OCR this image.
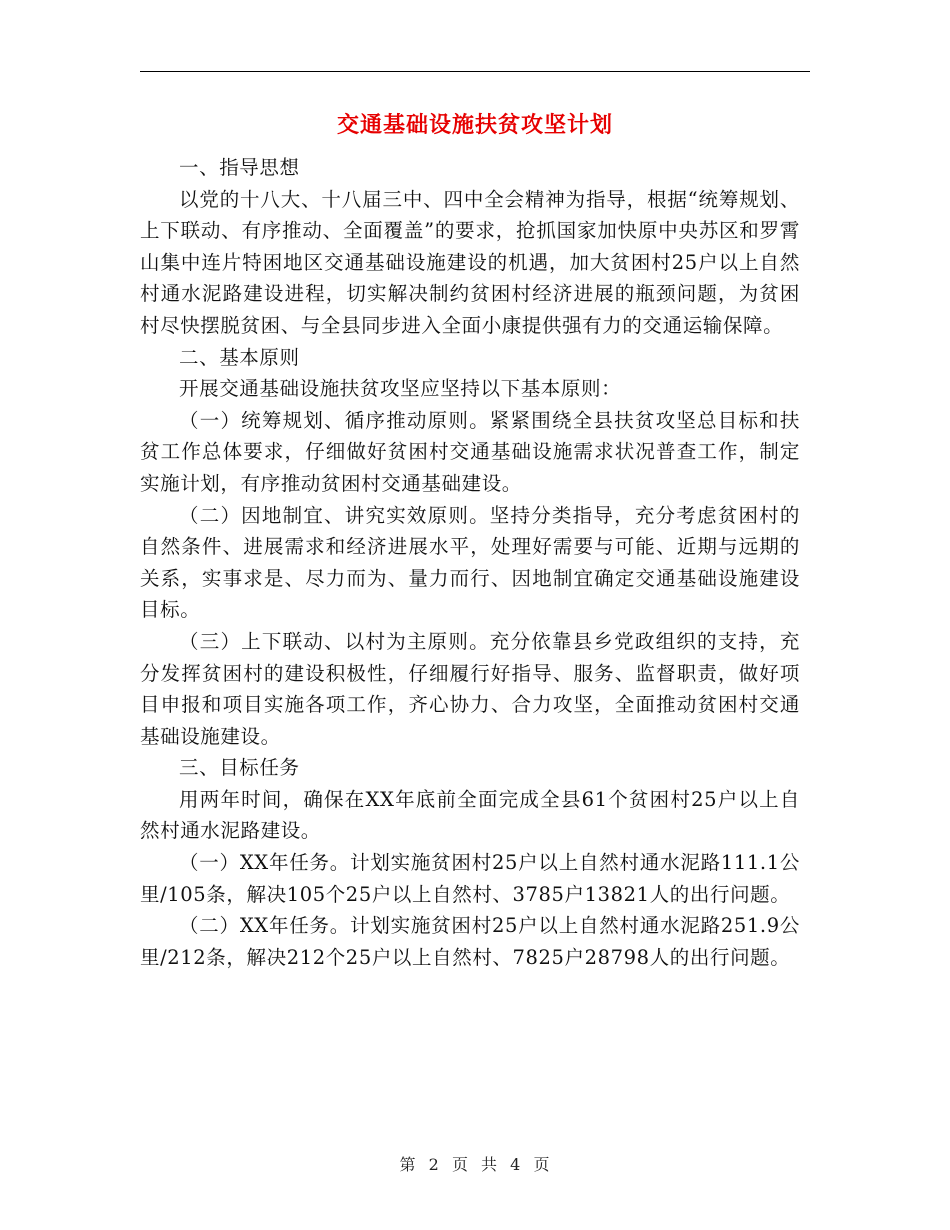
交通基础设施扶贫攻坚计划

一、指导思想

以党的十八大、十八届三中、四中全会精神为指导，根据“统筹规划、上下联动、有序推动、全面覆盖”的要求，抢抓国家加快原中央苏区和罗霄山集中连片特困地区交通基础设施建设的机遇，加大贫困村25户以上自然村通水泥路建设进程，切实解决制约贫困村经济进展的瓶颈问题，为贫困村尽快摆脱贫困、与全县同步进入全面小康提供强有力的交通运输保障。

二、基本原则

开展交通基础设施扶贫攻坚应坚持以下基本原则：

（一）统筹规划、循序推动原则。紧紧围绕全县扶贫攻坚总目标和扶贫工作总体要求，仔细做好贫困村交通基础设施需求状况普查工作，制定实施计划，有序推动贫困村交通基础建设。

（二）因地制宜、讲究实效原则。坚持分类指导，充分考虑贫困村的自然条件、进展需求和经济进展水平，处理好需要与可能、近期与远期的关系，实事求是、尽力而为、量力而行、因地制宜确定交通基础设施建设目标。

（三）上下联动、以村为主原则。充分依靠县乡党政组织的支持，充分发挥贫困村的建设积极性，仔细履行好指导、服务、监督职责，做好项目申报和项目实施各项工作，齐心协力、合力攻坚，全面推动贫困村交通基础设施建设。

三、目标任务

用两年时间，确保在XX年底前全面完成全县61个贫困村25户以上自然村通水泥路建设。

（一）XX年任务。计划实施贫困村25户以上自然村通水泥路111.1公里/105条，解决105个25户以上自然村、3785户13821人的出行问题。

（二）XX年任务。计划实施贫困村25户以上自然村通水泥路251.9公里/212条，解决212个25户以上自然村、7825户28798人的出行问题。

第 2 页 共 4 页
